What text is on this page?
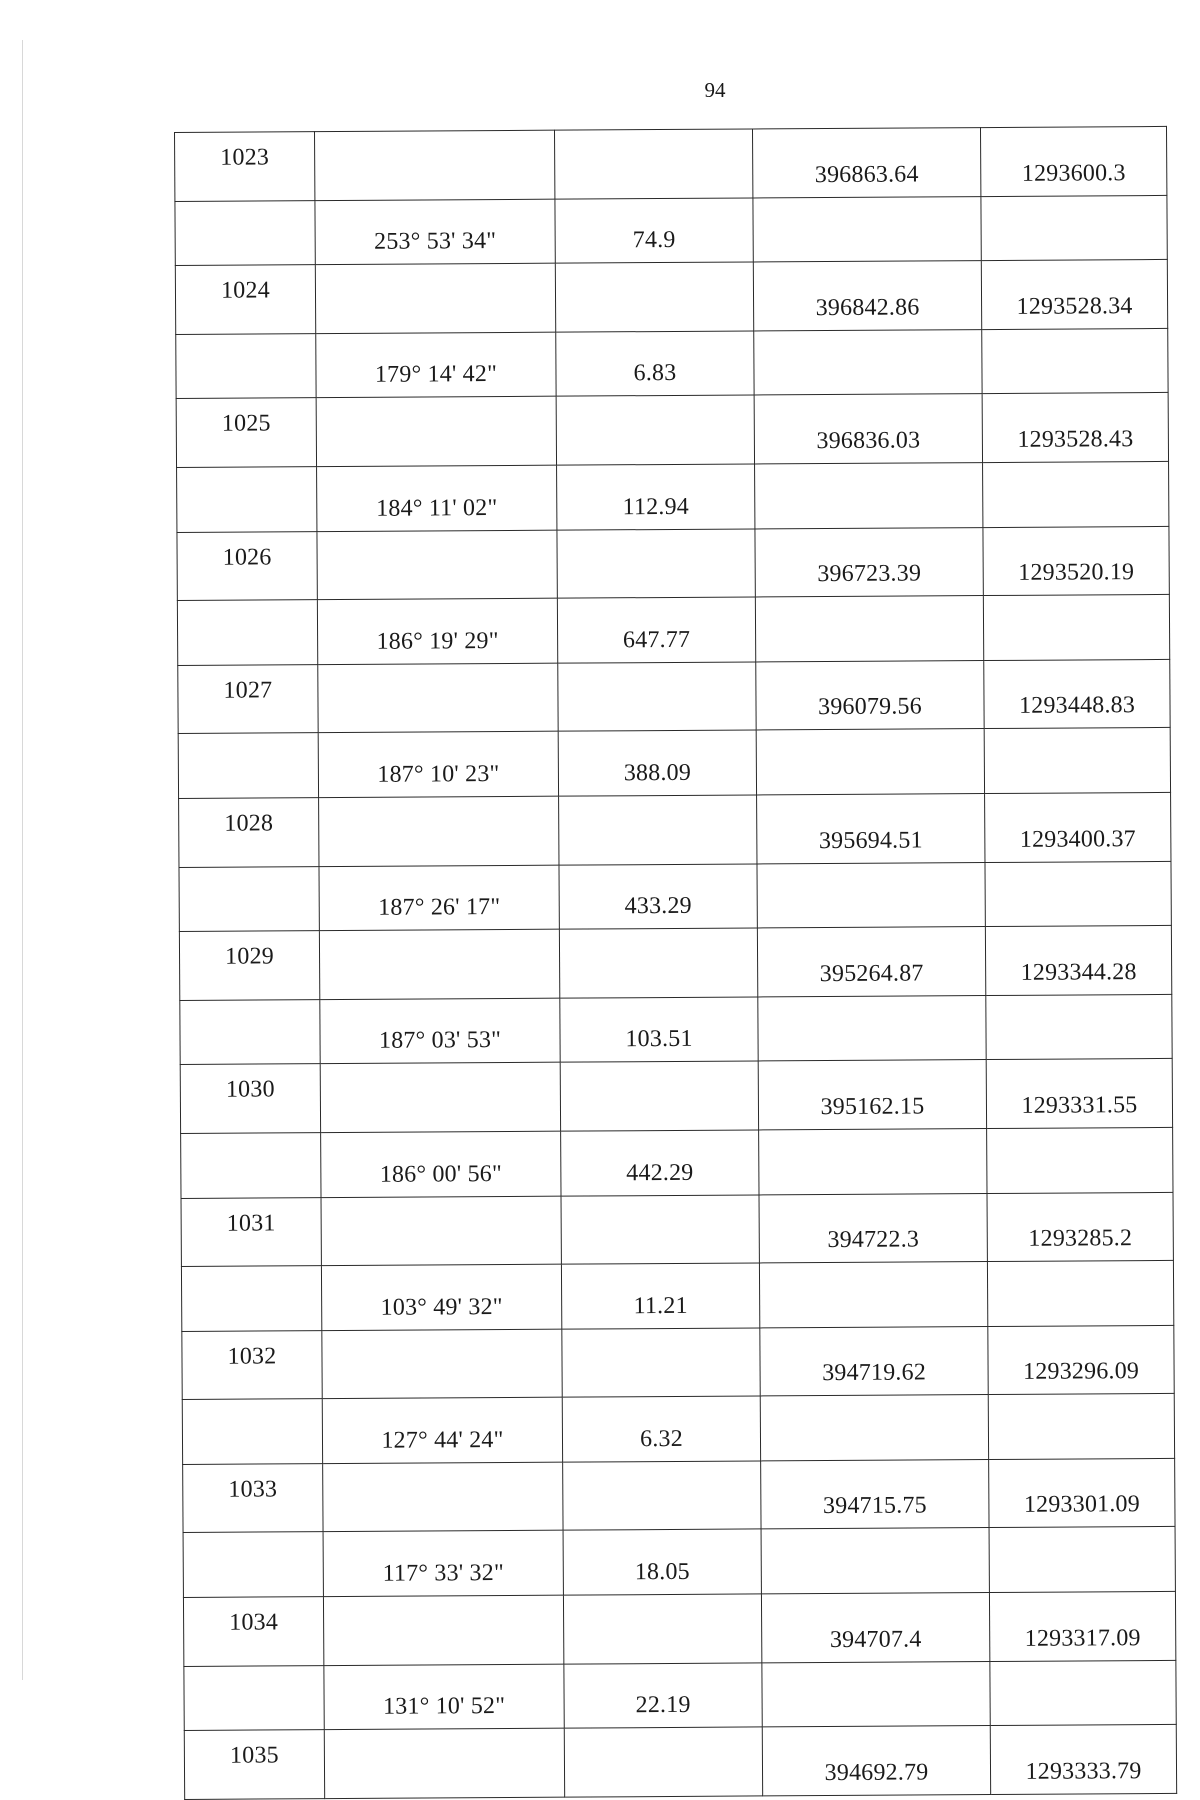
94
1023			396863.64	1293600.3
	253° 53' 34"	74.9		
1024			396842.86	1293528.34
	179° 14' 42"	6.83		
1025			396836.03	1293528.43
	184° 11' 02"	112.94		
1026			396723.39	1293520.19
	186° 19' 29"	647.77		
1027			396079.56	1293448.83
	187° 10' 23"	388.09		
1028			395694.51	1293400.37
	187° 26' 17"	433.29		
1029			395264.87	1293344.28
	187° 03' 53"	103.51		
1030			395162.15	1293331.55
	186° 00' 56"	442.29		
1031			394722.3	1293285.2
	103° 49' 32"	11.21		
1032			394719.62	1293296.09
	127° 44' 24"	6.32		
1033			394715.75	1293301.09
	117° 33' 32"	18.05		
1034			394707.4	1293317.09
	131° 10' 52"	22.19		
1035			394692.79	1293333.79
